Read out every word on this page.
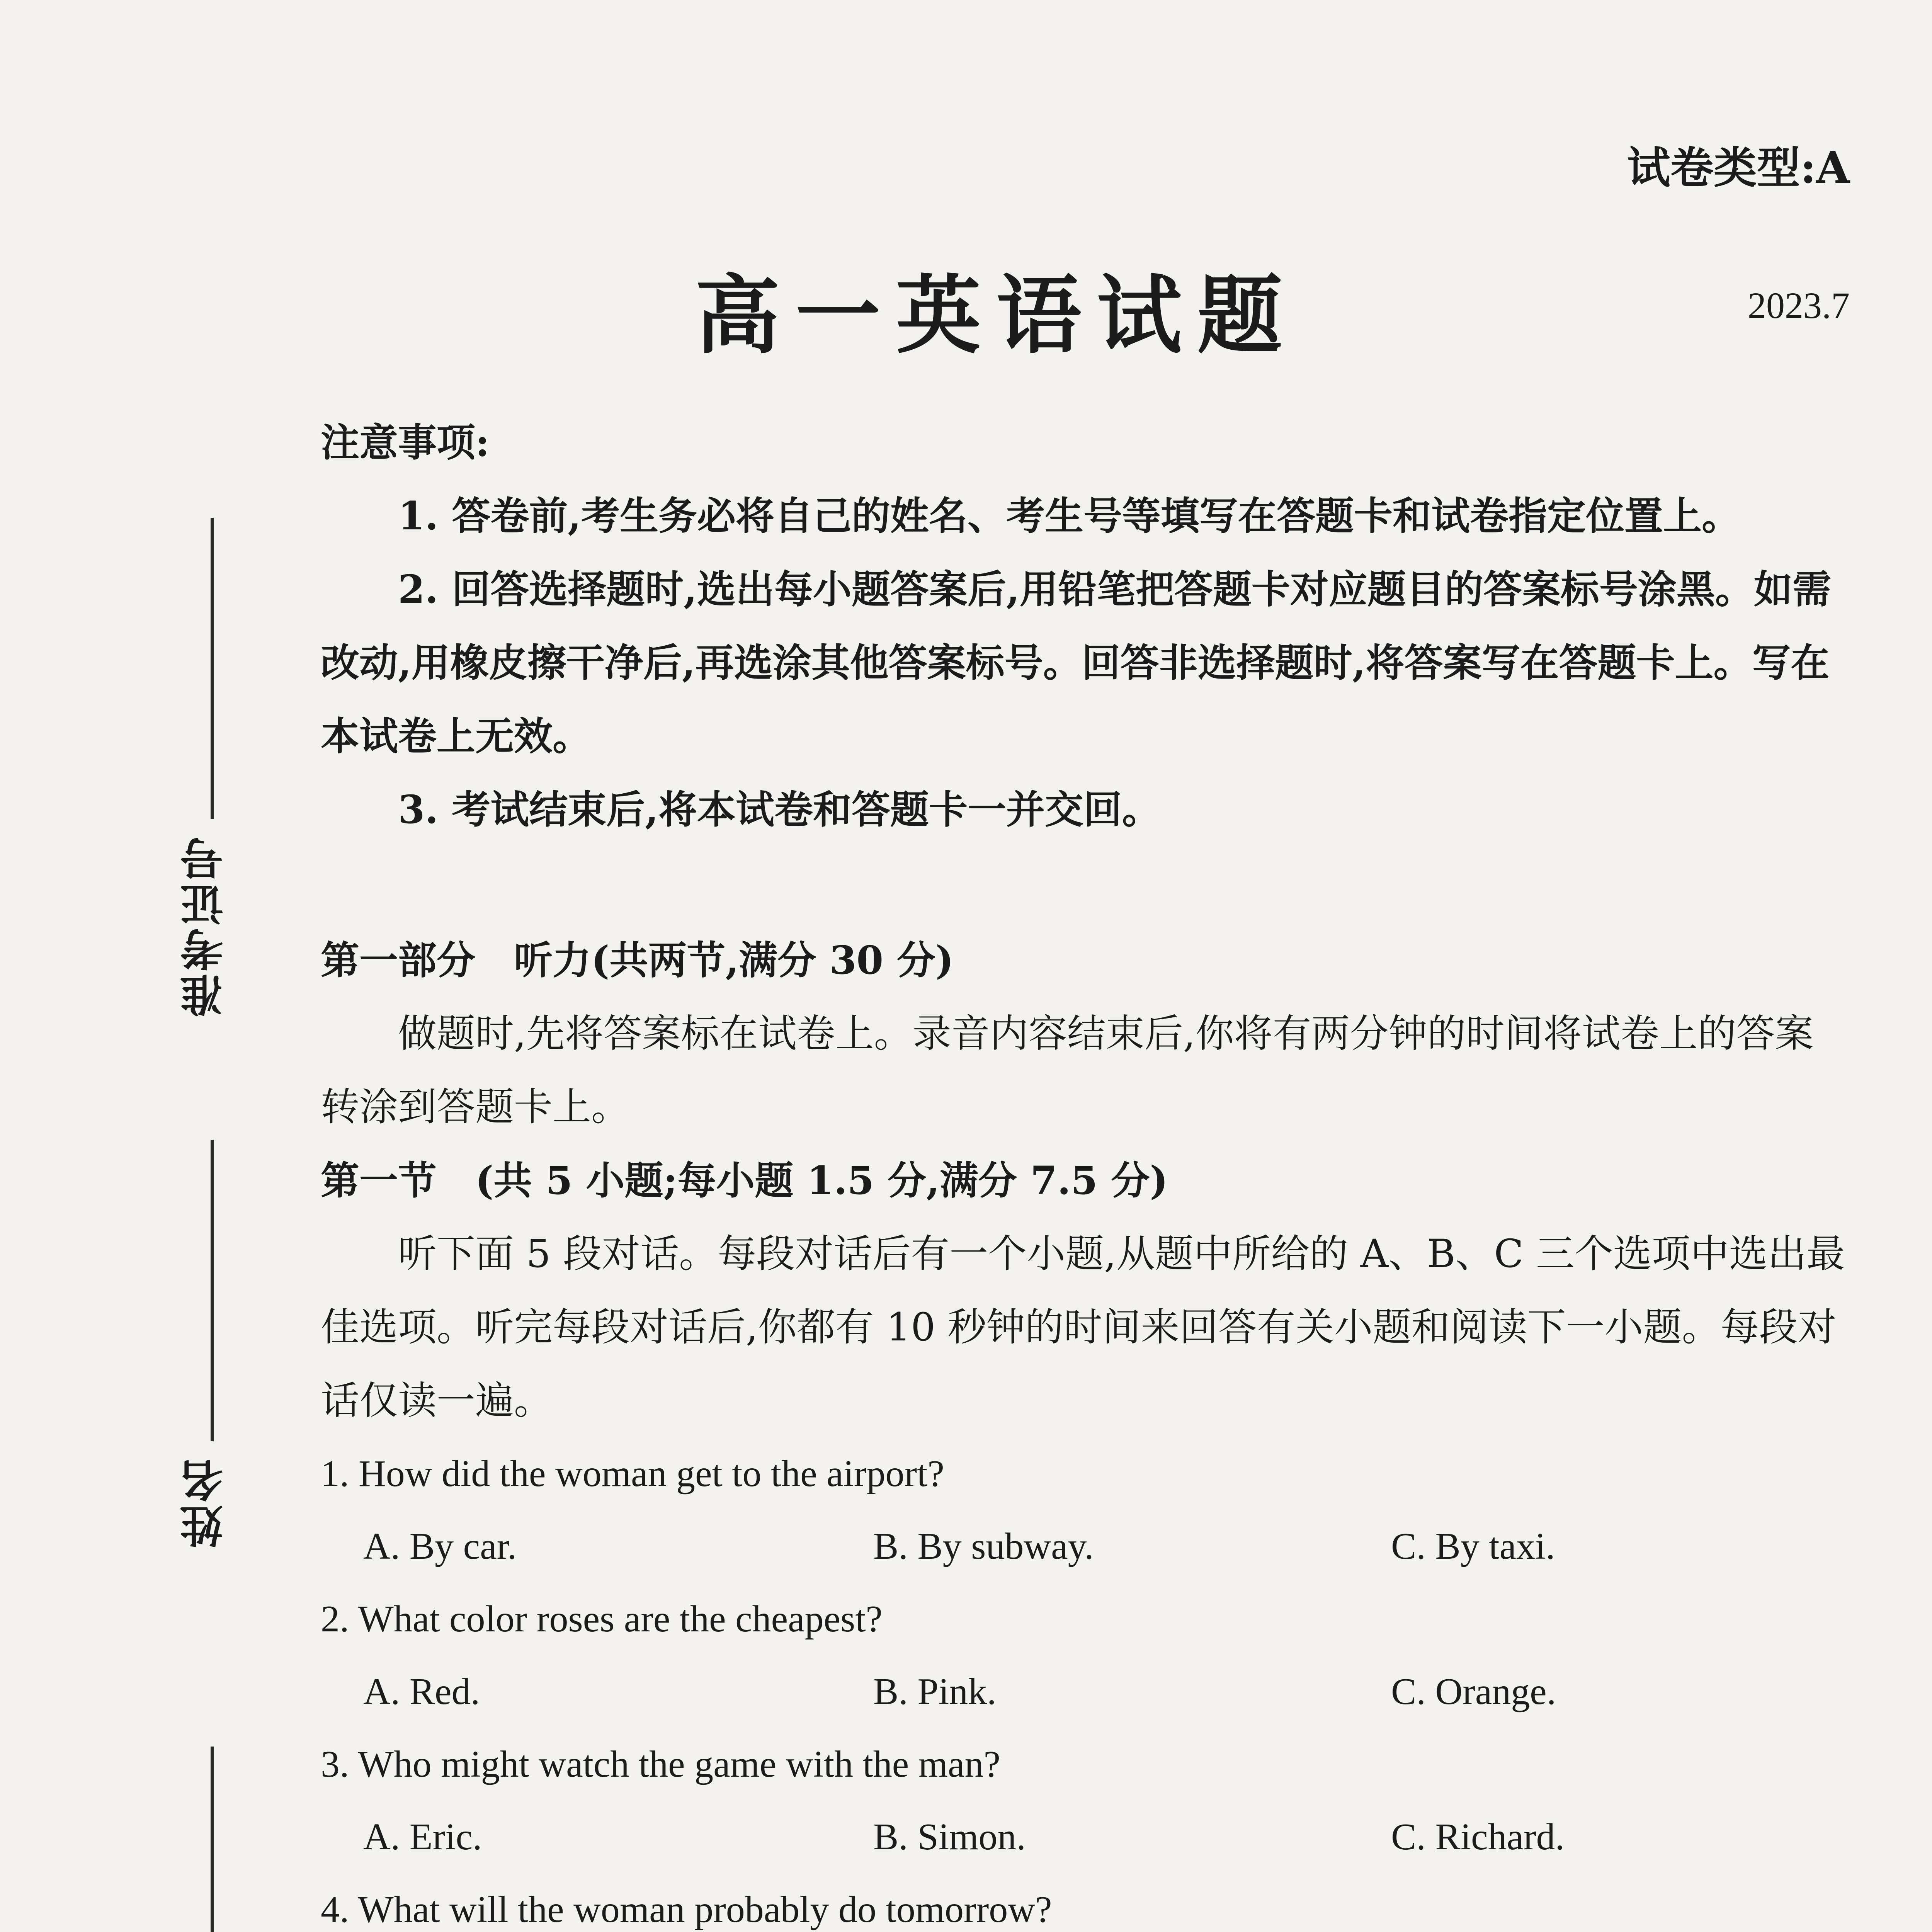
试卷类型:A
高一英语试题	2023.7
准考证号
姓名

注意事项:

1. 答卷前,考生务必将自己的姓名、考生号等填写在答题卡和试卷指定位置上。

2. 回答选择题时,选出每小题答案后,用铅笔把答题卡对应题目的答案标号涂黑。如需改动,用橡皮擦干净后,再选涂其他答案标号。回答非选择题时,将答案写在答题卡上。写在本试卷上无效。

3. 考试结束后,将本试卷和答题卡一并交回。

第一部分　听力(共两节,满分 30 分)

做题时,先将答案标在试卷上。录音内容结束后,你将有两分钟的时间将试卷上的答案转涂到答题卡上。

第一节　(共 5 小题;每小题 1.5 分,满分 7.5 分)

听下面 5 段对话。每段对话后有一个小题,从题中所给的 A、B、C 三个选项中选出最佳选项。听完每段对话后,你都有 10 秒钟的时间来回答有关小题和阅读下一小题。每段对话仅读一遍。

1. How did the woman get to the airport?

A. By car.	B. By subway.	C. By taxi.

2. What color roses are the cheapest?

A. Red.	B. Pink.	C. Orange.

3. Who might watch the game with the man?

A. Eric.	B. Simon.	C. Richard.

4. What will the woman probably do tomorrow?
